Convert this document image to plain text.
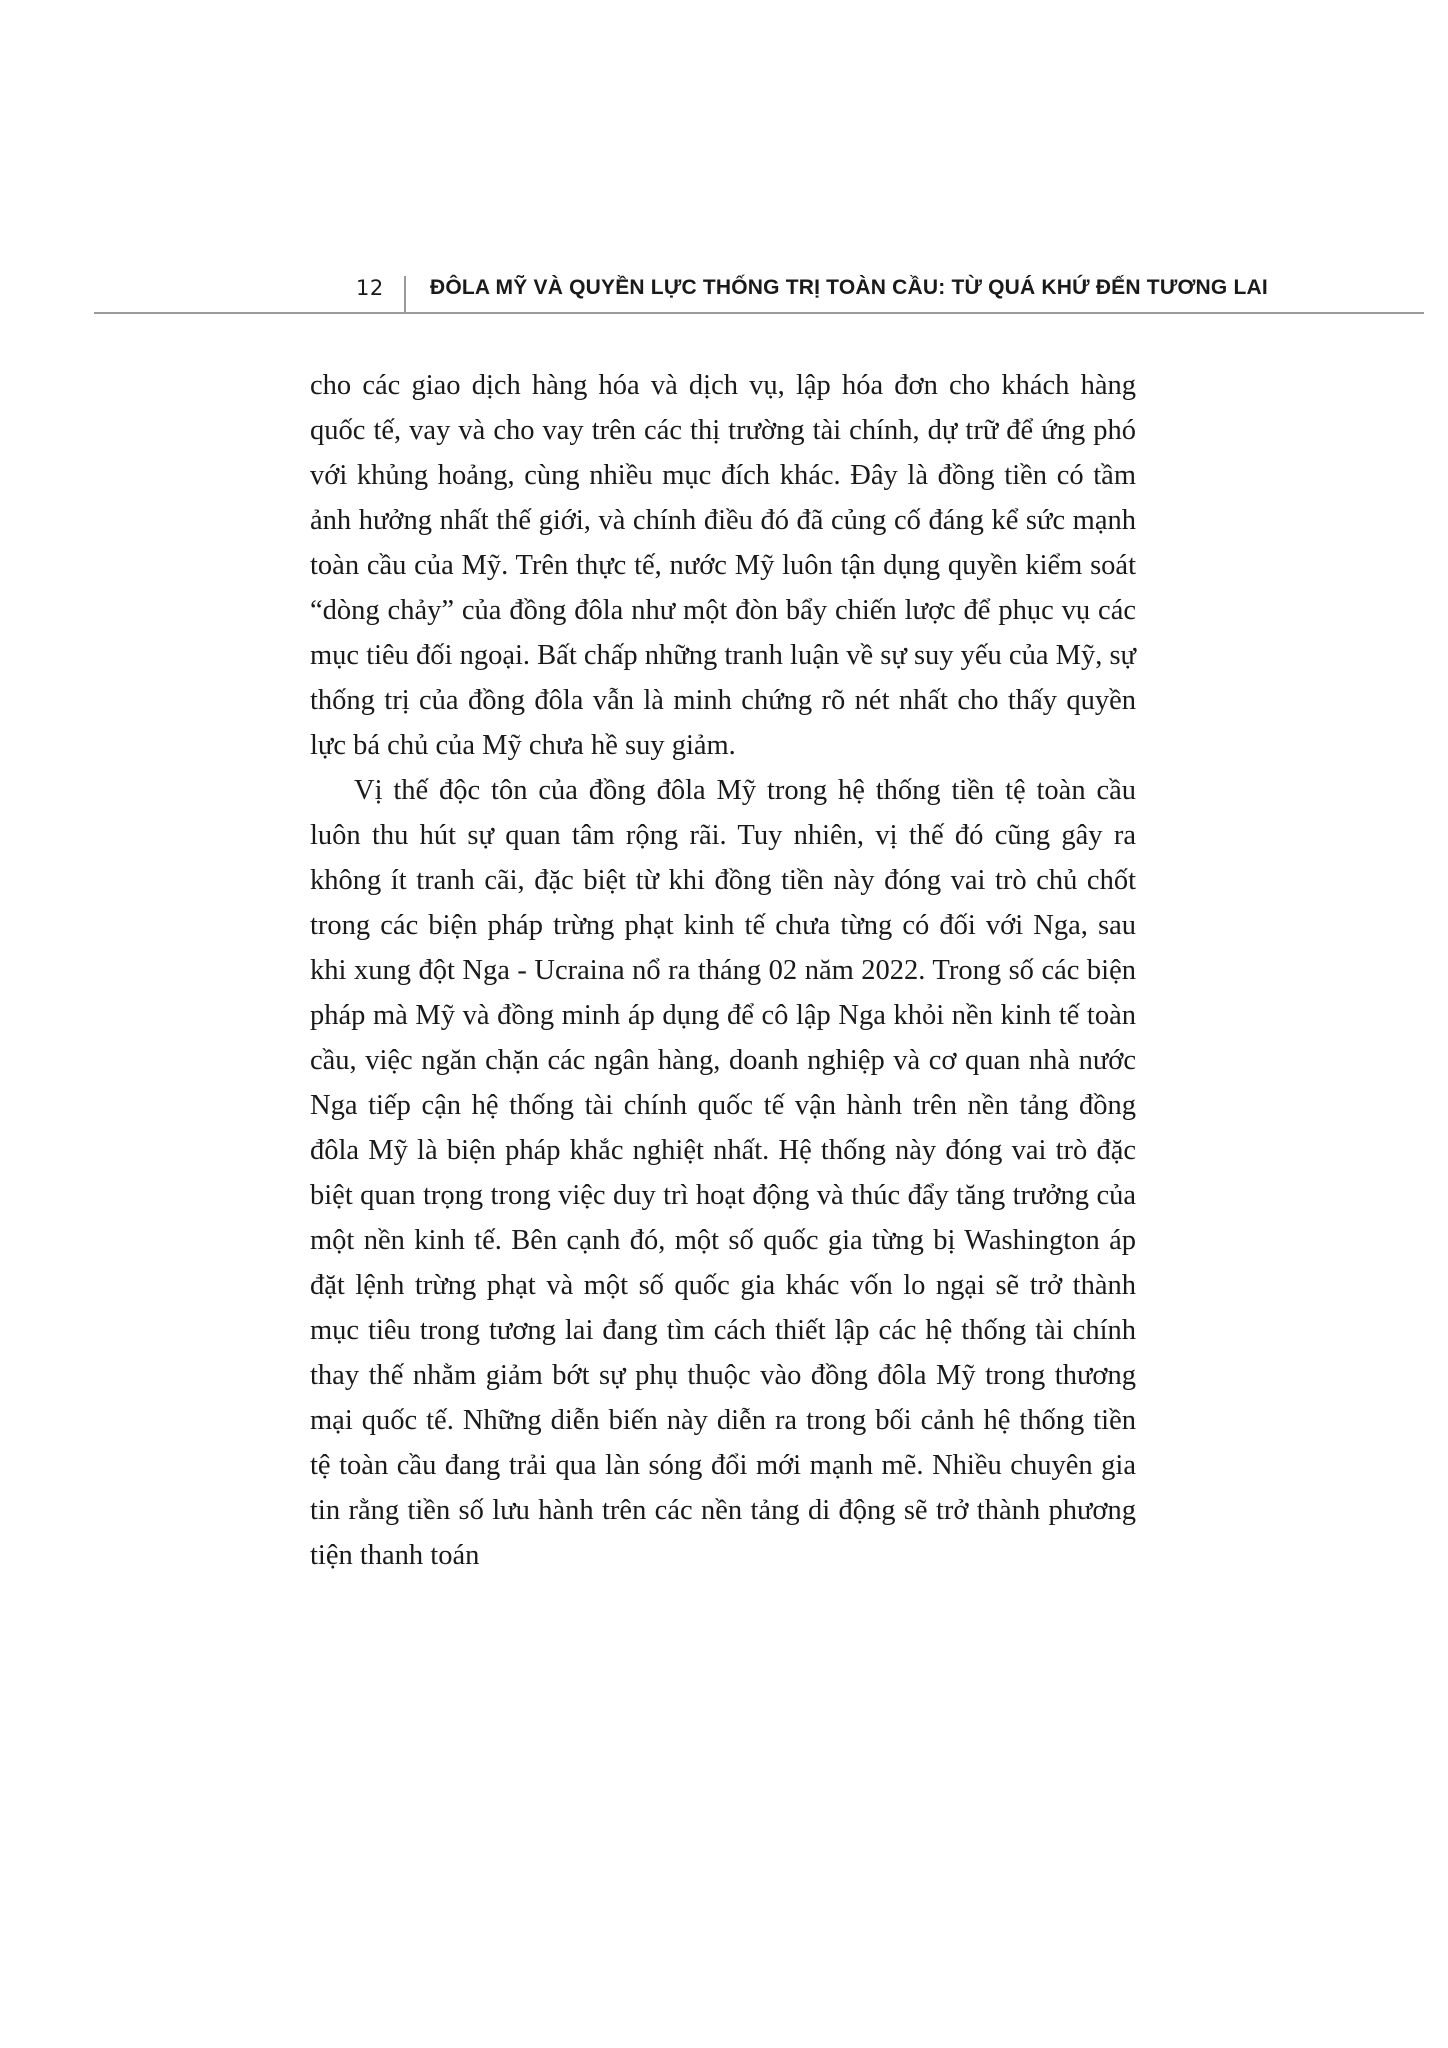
12	ĐÔLA MỸ VÀ QUYỀN LỰC THỐNG TRỊ TOÀN CẦU: TỪ QUÁ KHỨ ĐẾN TƯƠNG LAI

cho các giao dịch hàng hóa và dịch vụ, lập hóa đơn cho khách hàng quốc tế, vay và cho vay trên các thị trường tài chính, dự trữ để ứng phó với khủng hoảng, cùng nhiều mục đích khác. Đây là đồng tiền có tầm ảnh hưởng nhất thế giới, và chính điều đó đã củng cố đáng kể sức mạnh toàn cầu của Mỹ. Trên thực tế, nước Mỹ luôn tận dụng quyền kiểm soát “dòng chảy” của đồng đôla như một đòn bẩy chiến lược để phục vụ các mục tiêu đối ngoại. Bất chấp những tranh luận về sự suy yếu của Mỹ, sự thống trị của đồng đôla vẫn là minh chứng rõ nét nhất cho thấy quyền lực bá chủ của Mỹ chưa hề suy giảm.

Vị thế độc tôn của đồng đôla Mỹ trong hệ thống tiền tệ toàn cầu luôn thu hút sự quan tâm rộng rãi. Tuy nhiên, vị thế đó cũng gây ra không ít tranh cãi, đặc biệt từ khi đồng tiền này đóng vai trò chủ chốt trong các biện pháp trừng phạt kinh tế chưa từng có đối với Nga, sau khi xung đột Nga - Ucraina nổ ra tháng 02 năm 2022. Trong số các biện pháp mà Mỹ và đồng minh áp dụng để cô lập Nga khỏi nền kinh tế toàn cầu, việc ngăn chặn các ngân hàng, doanh nghiệp và cơ quan nhà nước Nga tiếp cận hệ thống tài chính quốc tế vận hành trên nền tảng đồng đôla Mỹ là biện pháp khắc nghiệt nhất. Hệ thống này đóng vai trò đặc biệt quan trọng trong việc duy trì hoạt động và thúc đẩy tăng trưởng của một nền kinh tế. Bên cạnh đó, một số quốc gia từng bị Washington áp đặt lệnh trừng phạt và một số quốc gia khác vốn lo ngại sẽ trở thành mục tiêu trong tương lai đang tìm cách thiết lập các hệ thống tài chính thay thế nhằm giảm bớt sự phụ thuộc vào đồng đôla Mỹ trong thương mại quốc tế. Những diễn biến này diễn ra trong bối cảnh hệ thống tiền tệ toàn cầu đang trải qua làn sóng đổi mới mạnh mẽ. Nhiều chuyên gia tin rằng tiền số lưu hành trên các nền tảng di động sẽ trở thành phương tiện thanh toán
